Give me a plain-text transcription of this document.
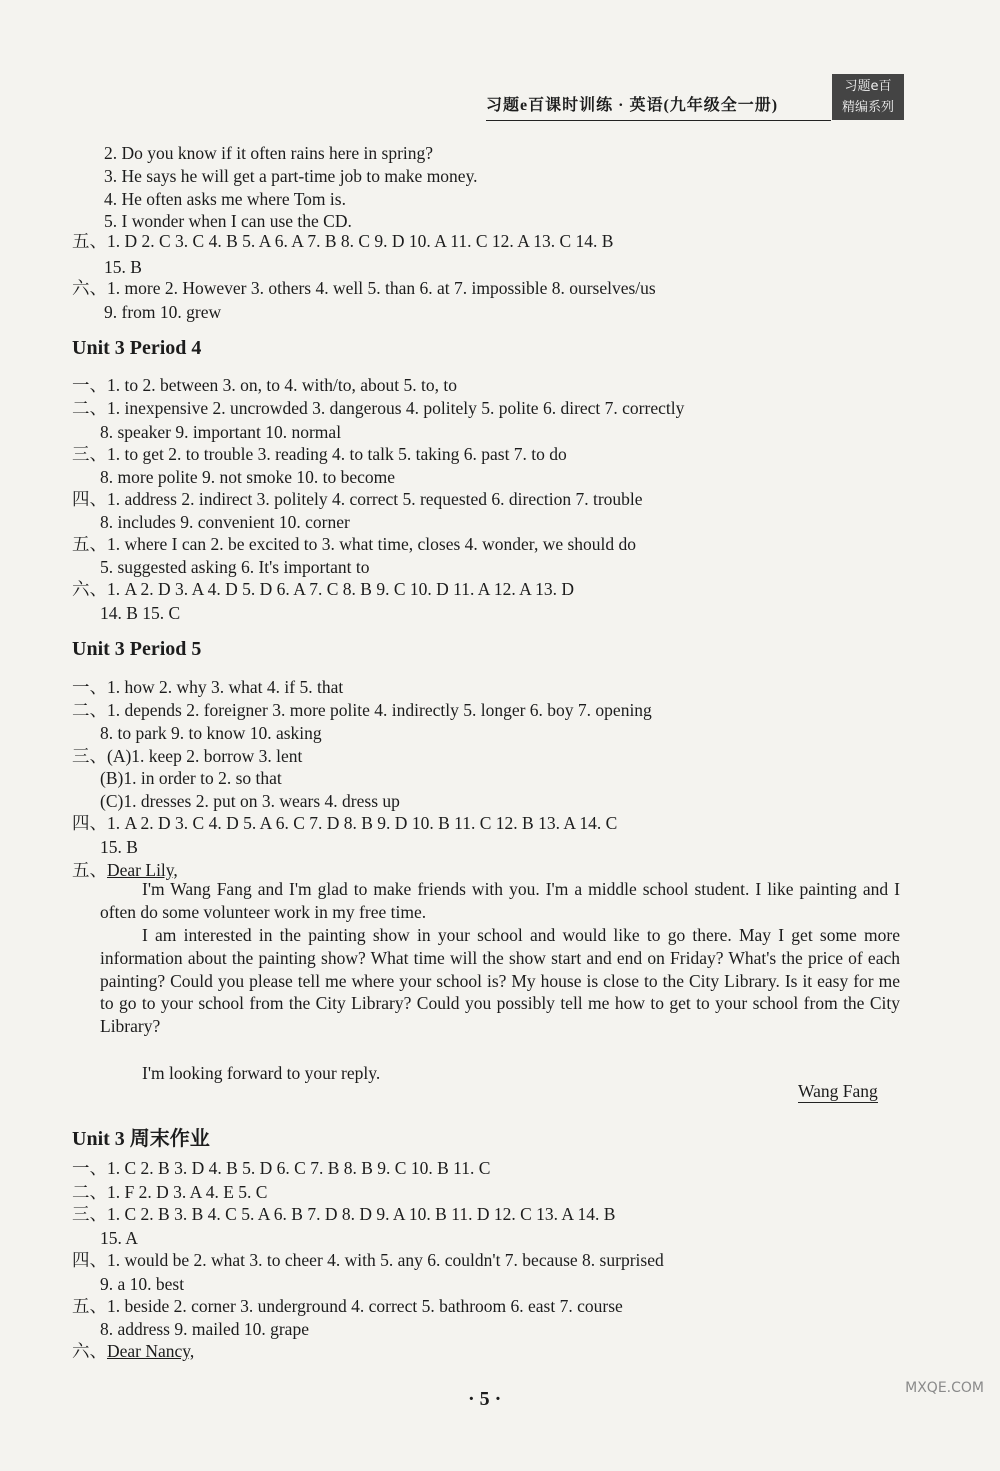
习题e百课时训练 · 英语(九年级全一册)
习题e百
精编系列
2. Do you know if it often rains here in spring?
3. He says he will get a part-time job to make money.
4. He often asks me where Tom is.
5. I wonder when I can use the CD.
五、1. D 2. C 3. C 4. B 5. A 6. A 7. B 8. C 9. D 10. A 11. C 12. A 13. C 14. B
15. B
六、1. more 2. However 3. others 4. well 5. than 6. at 7. impossible 8. ourselves/us
9. from 10. grew
Unit 3 Period 4
一、1. to 2. between 3. on, to 4. with/to, about 5. to, to
二、1. inexpensive 2. uncrowded 3. dangerous 4. politely 5. polite 6. direct 7. correctly
8. speaker 9. important 10. normal
三、1. to get 2. to trouble 3. reading 4. to talk 5. taking 6. past 7. to do
8. more polite 9. not smoke 10. to become
四、1. address 2. indirect 3. politely 4. correct 5. requested 6. direction 7. trouble
8. includes 9. convenient 10. corner
五、1. where I can 2. be excited to 3. what time, closes 4. wonder, we should do
5. suggested asking 6. It's important to
六、1. A 2. D 3. A 4. D 5. D 6. A 7. C 8. B 9. C 10. D 11. A 12. A 13. D
14. B 15. C
Unit 3 Period 5
一、1. how 2. why 3. what 4. if 5. that
二、1. depends 2. foreigner 3. more polite 4. indirectly 5. longer 6. boy 7. opening
8. to park 9. to know 10. asking
三、(A)1. keep 2. borrow 3. lent
(B)1. in order to 2. so that
(C)1. dresses 2. put on 3. wears 4. dress up
四、1. A 2. D 3. C 4. D 5. A 6. C 7. D 8. B 9. D 10. B 11. C 12. B 13. A 14. C
15. B
五、Dear Lily,
I'm Wang Fang and I'm glad to make friends with you. I'm a middle school student. I like painting and I often do some volunteer work in my free time.
I am interested in the painting show in your school and would like to go there. May I get some more information about the painting show? What time will the show start and end on Friday? What's the price of each painting? Could you please tell me where your school is? My house is close to the City Library. Is it easy for me to go to your school from the City Library? Could you possibly tell me how to get to your school from the City Library?
I'm looking forward to your reply.
Wang Fang
Unit 3 周末作业
一、1. C 2. B 3. D 4. B 5. D 6. C 7. B 8. B 9. C 10. B 11. C
二、1. F 2. D 3. A 4. E 5. C
三、1. C 2. B 3. B 4. C 5. A 6. B 7. D 8. D 9. A 10. B 11. D 12. C 13. A 14. B
15. A
四、1. would be 2. what 3. to cheer 4. with 5. any 6. couldn't 7. because 8. surprised
9. a 10. best
五、1. beside 2. corner 3. underground 4. correct 5. bathroom 6. east 7. course
8. address 9. mailed 10. grape
六、Dear Nancy,
· 5 ·	MXQE.COM
